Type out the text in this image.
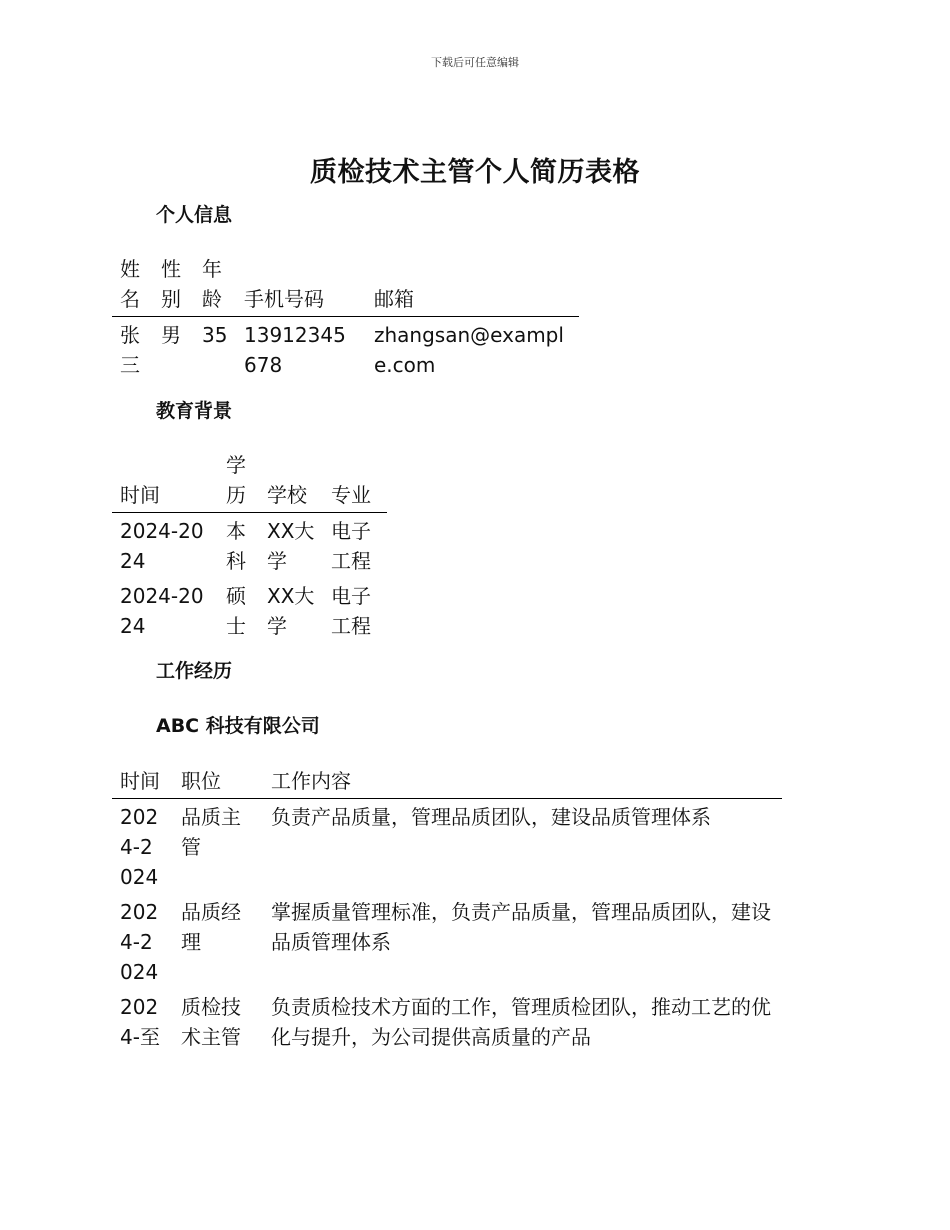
下载后可任意编辑
质检技术主管个人简历表格
个人信息
姓名	性别	年龄	手机号码	邮箱
张三	男	35	13912345678	zhangsan@example.com
教育背景
时间	学历	学校	专业
2024-2024	本科	XX大学	电子工程
2024-2024	硕士	XX大学	电子工程
工作经历
ABC 科技有限公司
时间	职位	工作内容
2024-2024	品质主管	负责产品质量，管理品质团队，建设品质管理体系
2024-2024	品质经理	掌握质量管理标准，负责产品质量，管理品质团队，建设品质管理体系
2024-至	质检技术主管	负责质检技术方面的工作，管理质检团队，推动工艺的优化与提升，为公司提供高质量的产品
